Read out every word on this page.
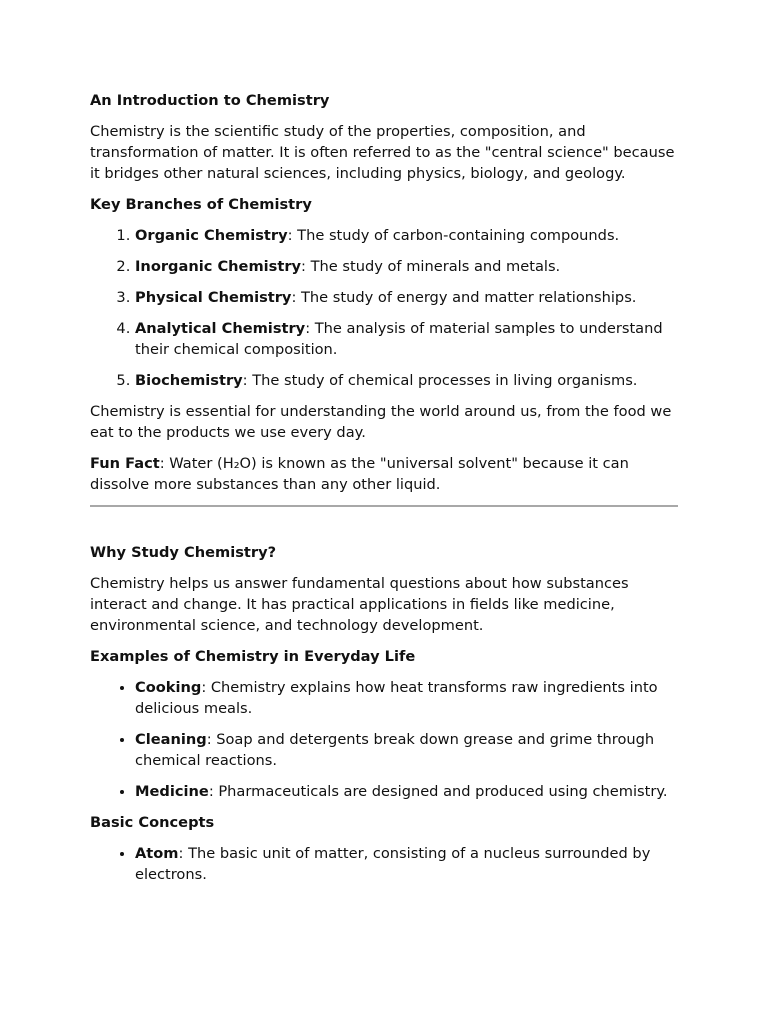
An Introduction to Chemistry

Chemistry is the scientific study of the properties, composition, and transformation of matter. It is often referred to as the "central science" because it bridges other natural sciences, including physics, biology, and geology.

Key Branches of Chemistry
1. Organic Chemistry: The study of carbon-containing compounds.
2. Inorganic Chemistry: The study of minerals and metals.
3. Physical Chemistry: The study of energy and matter relationships.
4. Analytical Chemistry: The analysis of material samples to understand their chemical composition.
5. Biochemistry: The study of chemical processes in living organisms.

Chemistry is essential for understanding the world around us, from the food we eat to the products we use every day.

Fun Fact: Water (H₂O) is known as the "universal solvent" because it can dissolve more substances than any other liquid.

Why Study Chemistry?

Chemistry helps us answer fundamental questions about how substances interact and change. It has practical applications in fields like medicine, environmental science, and technology development.

Examples of Chemistry in Everyday Life
• Cooking: Chemistry explains how heat transforms raw ingredients into delicious meals.
• Cleaning: Soap and detergents break down grease and grime through chemical reactions.
• Medicine: Pharmaceuticals are designed and produced using chemistry.
Basic Concepts
• Atom: The basic unit of matter, consisting of a nucleus surrounded by electrons.
